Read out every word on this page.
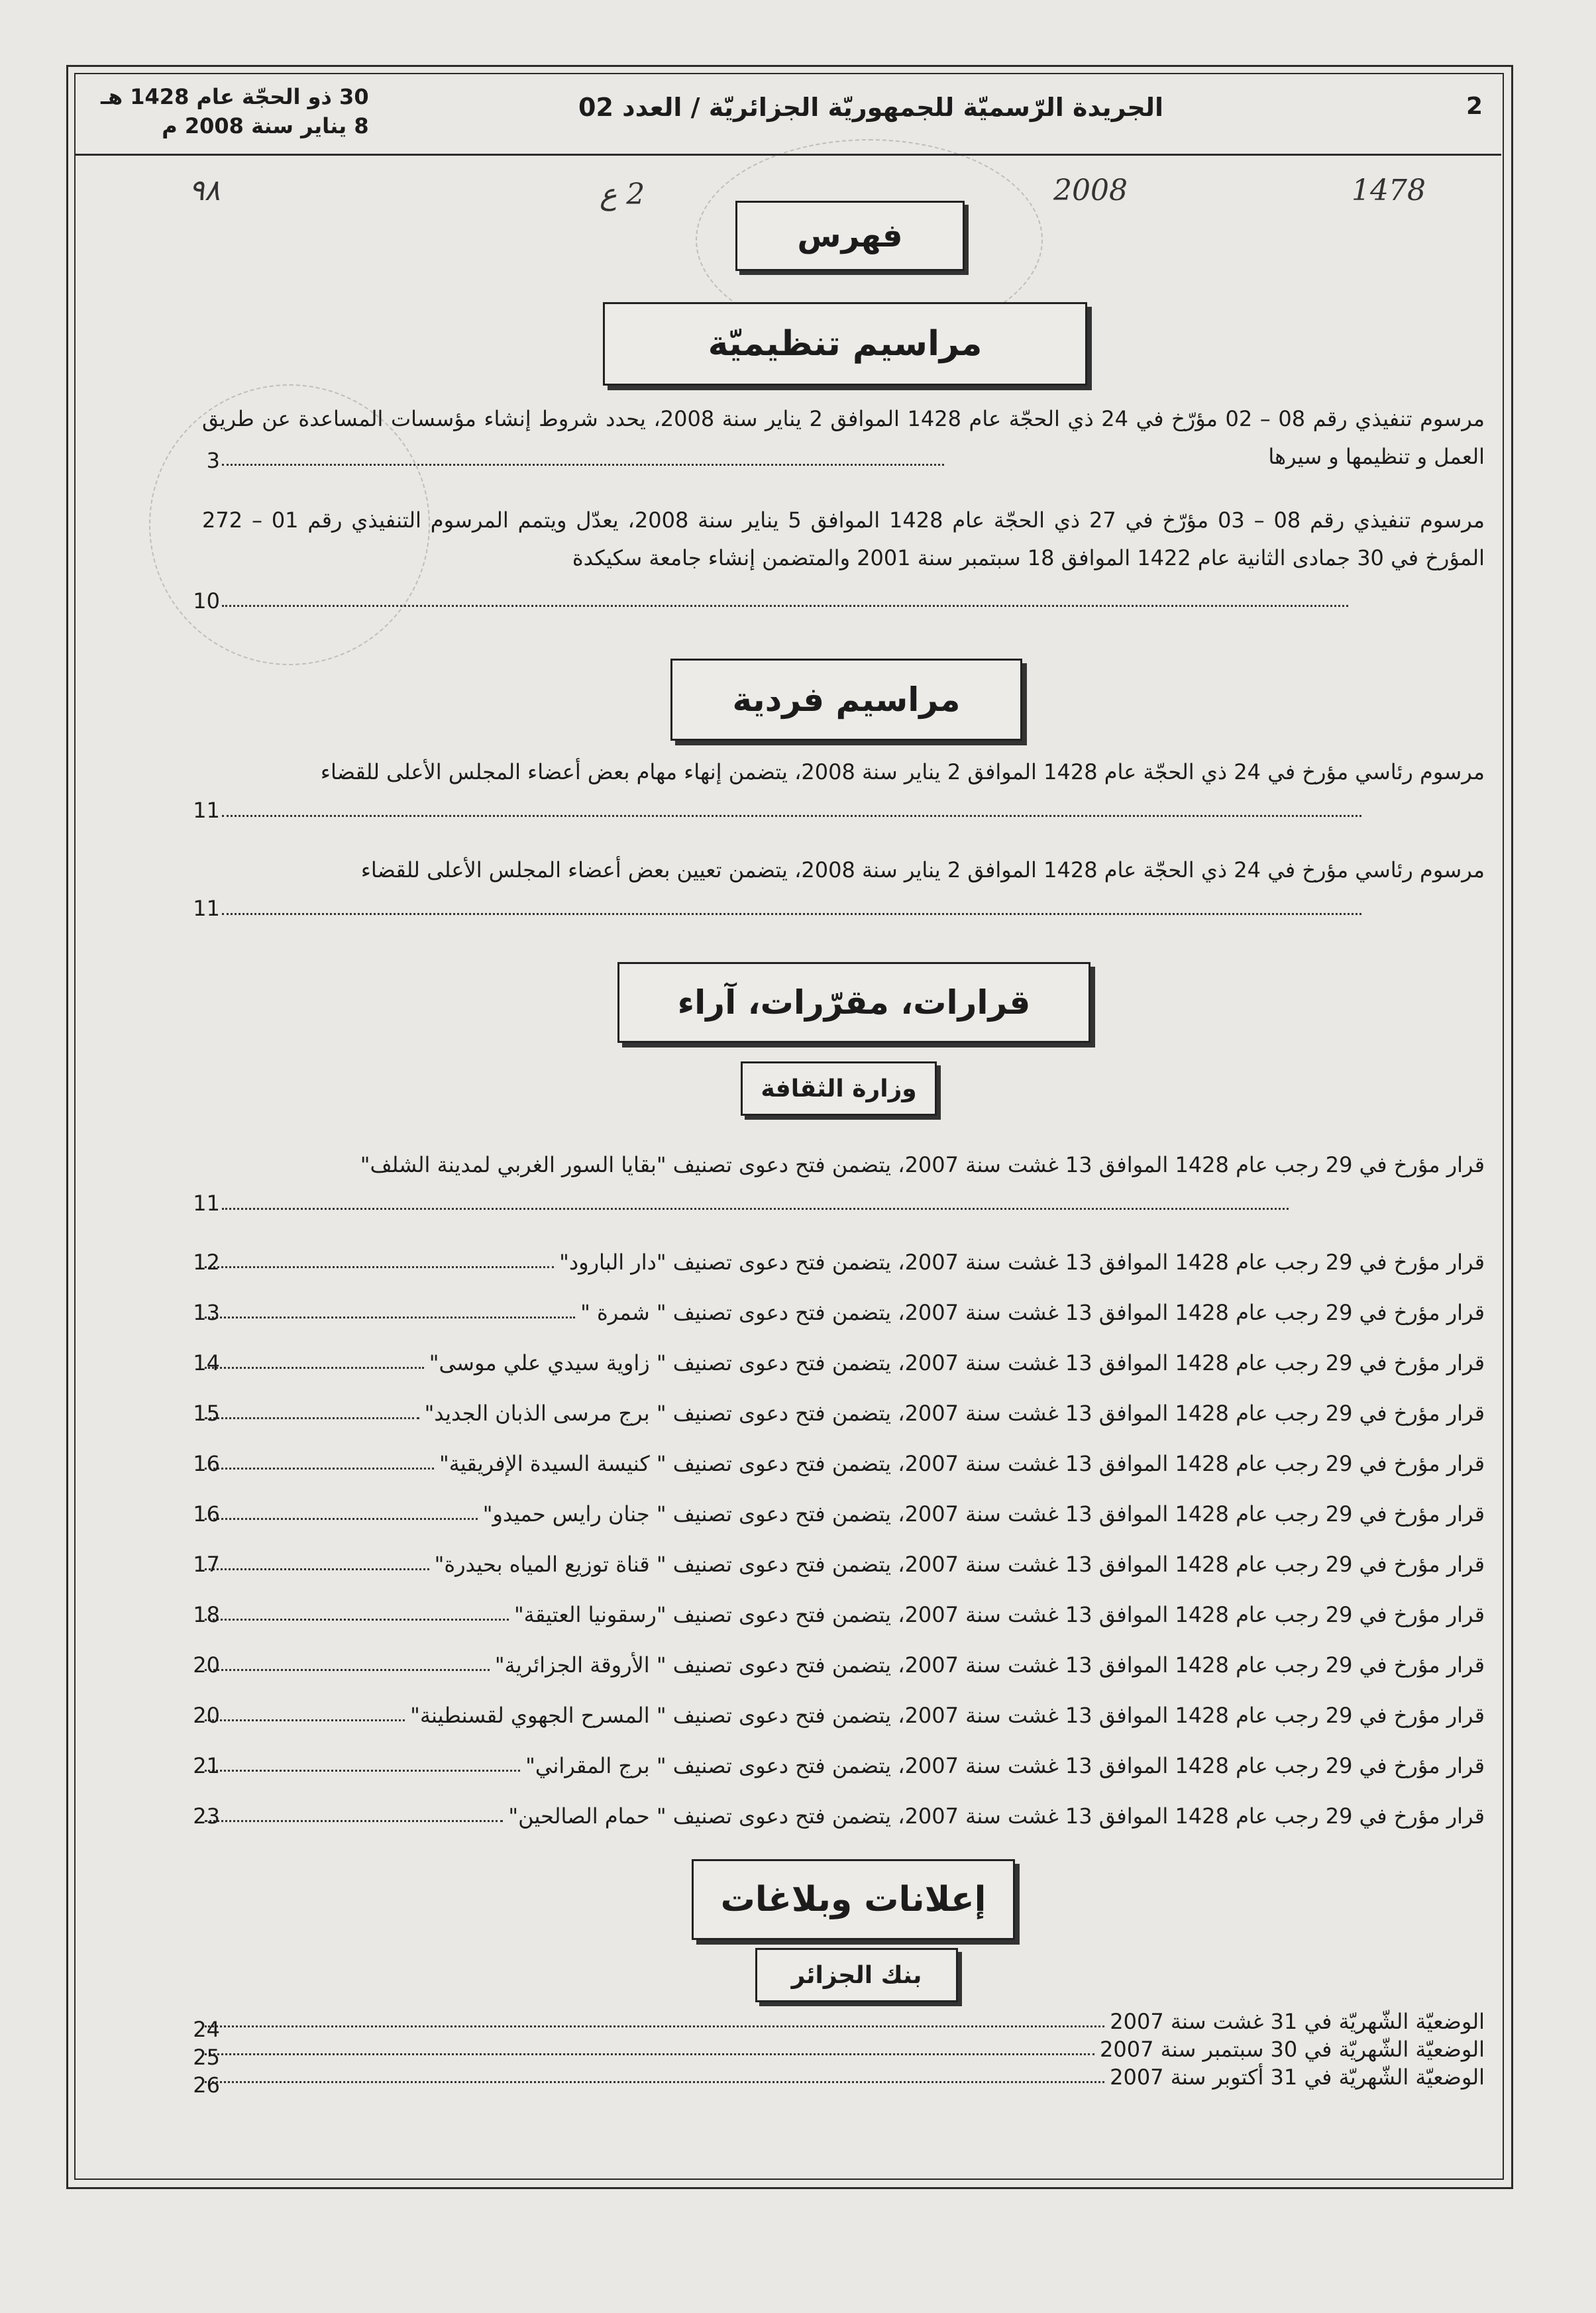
2
الجريدة الرّسميّة للجمهوريّة الجزائريّة / العدد 02
30 ذو الحجّة عام 1428 هـ
8 يناير سنة 2008 م
1478
2008
2 ع
٩٨
فهرس
مراسيم تنظيميّة
مرسوم تنفيذي رقم 08 – 02 مؤرّخ في 24 ذي الحجّة عام 1428 الموافق 2 يناير سنة 2008، يحدد شروط إنشاء مؤسسات المساعدة عن طريق العمل و تنظيمها و سيرها
3
مرسوم تنفيذي رقم 08 – 03 مؤرّخ في 27 ذي الحجّة عام 1428 الموافق 5 يناير سنة 2008، يعدّل ويتمم المرسوم التنفيذي رقم 01 – 272 المؤرخ في 30 جمادى الثانية عام 1422 الموافق 18 سبتمبر سنة 2001 والمتضمن إنشاء جامعة سكيكدة
10
مراسيم فردية
مرسوم رئاسي مؤرخ في 24 ذي الحجّة عام 1428 الموافق 2 يناير سنة 2008، يتضمن إنهاء مهام بعض أعضاء المجلس الأعلى للقضاء
11
مرسوم رئاسي مؤرخ في 24 ذي الحجّة عام 1428 الموافق 2 يناير سنة 2008، يتضمن تعيين بعض أعضاء المجلس الأعلى للقضاء
11
قرارات، مقرّرات، آراء
وزارة الثقافة
قرار مؤرخ في 29 رجب عام 1428 الموافق 13 غشت سنة 2007، يتضمن فتح دعوى تصنيف "بقايا السور الغربي لمدينة الشلف"
11
قرار مؤرخ في 29 رجب عام 1428 الموافق 13 غشت سنة 2007، يتضمن فتح دعوى تصنيف "دار البارود"
12
قرار مؤرخ في 29 رجب عام 1428 الموافق 13 غشت سنة 2007، يتضمن فتح دعوى تصنيف " شمرة "
13
قرار مؤرخ في 29 رجب عام 1428 الموافق 13 غشت سنة 2007، يتضمن فتح دعوى تصنيف " زاوية سيدي علي موسى"
14
قرار مؤرخ في 29 رجب عام 1428 الموافق 13 غشت سنة 2007، يتضمن فتح دعوى تصنيف " برج مرسى الذبان الجديد"
15
قرار مؤرخ في 29 رجب عام 1428 الموافق 13 غشت سنة 2007، يتضمن فتح دعوى تصنيف " كنيسة السيدة الإفريقية"
16
قرار مؤرخ في 29 رجب عام 1428 الموافق 13 غشت سنة 2007، يتضمن فتح دعوى تصنيف " جنان رايس حميدو"
16
قرار مؤرخ في 29 رجب عام 1428 الموافق 13 غشت سنة 2007، يتضمن فتح دعوى تصنيف " قناة توزيع المياه بحيدرة"
17
قرار مؤرخ في 29 رجب عام 1428 الموافق 13 غشت سنة 2007، يتضمن فتح دعوى تصنيف "رسقونيا العتيقة"
18
قرار مؤرخ في 29 رجب عام 1428 الموافق 13 غشت سنة 2007، يتضمن فتح دعوى تصنيف " الأروقة الجزائرية"
20
قرار مؤرخ في 29 رجب عام 1428 الموافق 13 غشت سنة 2007، يتضمن فتح دعوى تصنيف " المسرح الجهوي لقسنطينة"
20
قرار مؤرخ في 29 رجب عام 1428 الموافق 13 غشت سنة 2007، يتضمن فتح دعوى تصنيف " برج المقراني"
21
قرار مؤرخ في 29 رجب عام 1428 الموافق 13 غشت سنة 2007، يتضمن فتح دعوى تصنيف " حمام الصالحين"
23
إعلانات وبلاغات
بنك الجزائر
الوضعيّة الشّهريّة في 31 غشت سنة 2007
24
الوضعيّة الشّهريّة في 30 سبتمبر سنة 2007
25
الوضعيّة الشّهريّة في 31 أكتوبر سنة 2007
26
